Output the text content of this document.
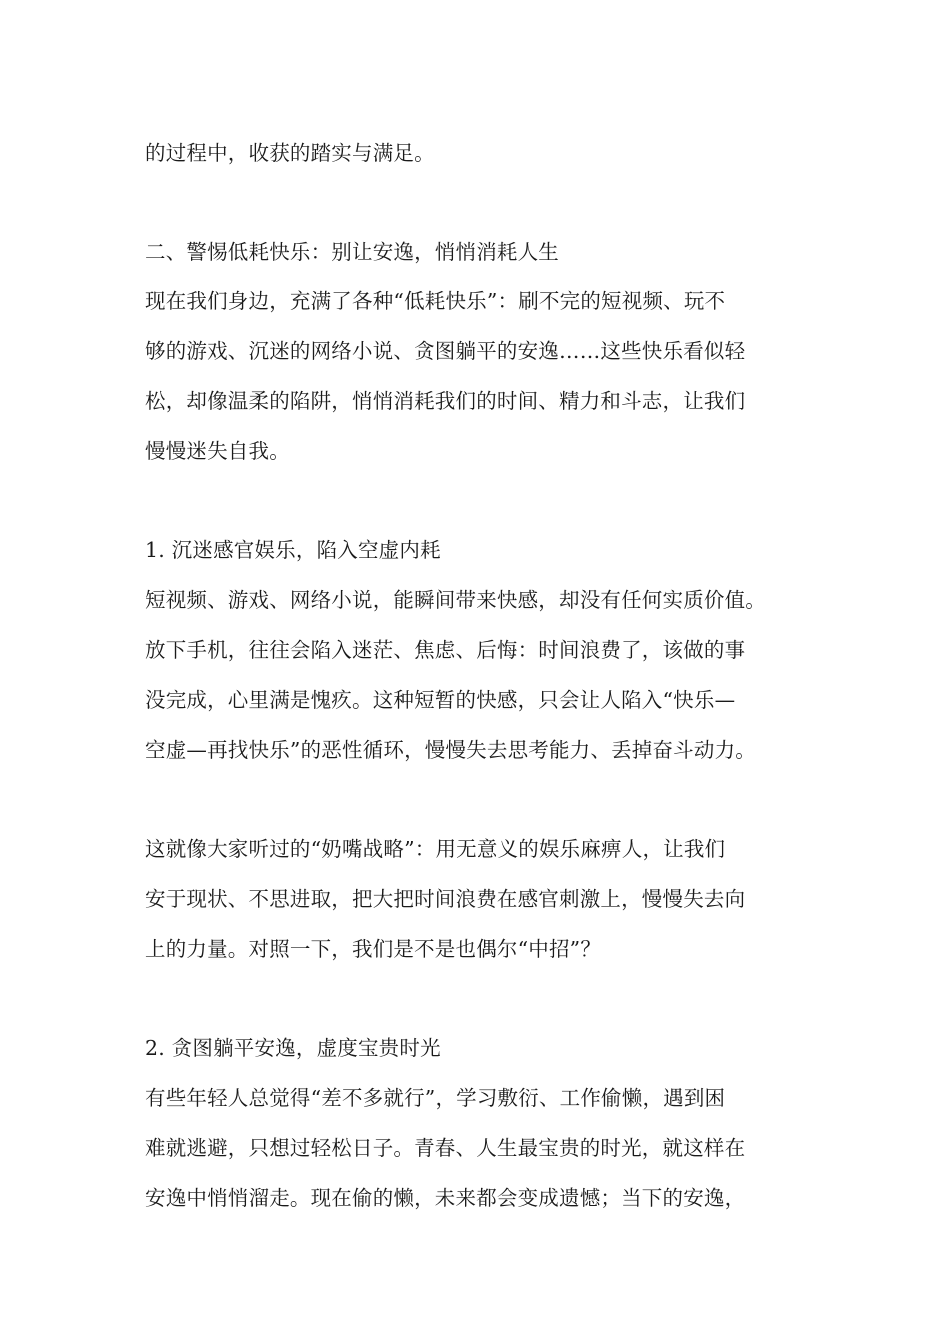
的过程中，收获的踏实与满足。
二、警惕低耗快乐：别让安逸，悄悄消耗人生
现在我们身边，充满了各种“低耗快乐”：刷不完的短视频、玩不
够的游戏、沉迷的网络小说、贪图躺平的安逸……这些快乐看似轻
松，却像温柔的陷阱，悄悄消耗我们的时间、精力和斗志，让我们
慢慢迷失自我。
1. 沉迷感官娱乐，陷入空虚内耗
短视频、游戏、网络小说，能瞬间带来快感，却没有任何实质价值。
放下手机，往往会陷入迷茫、焦虑、后悔：时间浪费了，该做的事
没完成，心里满是愧疚。这种短暂的快感，只会让人陷入“快乐—
空虚—再找快乐”的恶性循环，慢慢失去思考能力、丢掉奋斗动力。
这就像大家听过的“奶嘴战略”：用无意义的娱乐麻痹人，让我们
安于现状、不思进取，把大把时间浪费在感官刺激上，慢慢失去向
上的力量。对照一下，我们是不是也偶尔“中招”？
2. 贪图躺平安逸，虚度宝贵时光
有些年轻人总觉得“差不多就行”，学习敷衍、工作偷懒，遇到困
难就逃避，只想过轻松日子。青春、人生最宝贵的时光，就这样在
安逸中悄悄溜走。现在偷的懒，未来都会变成遗憾；当下的安逸，
